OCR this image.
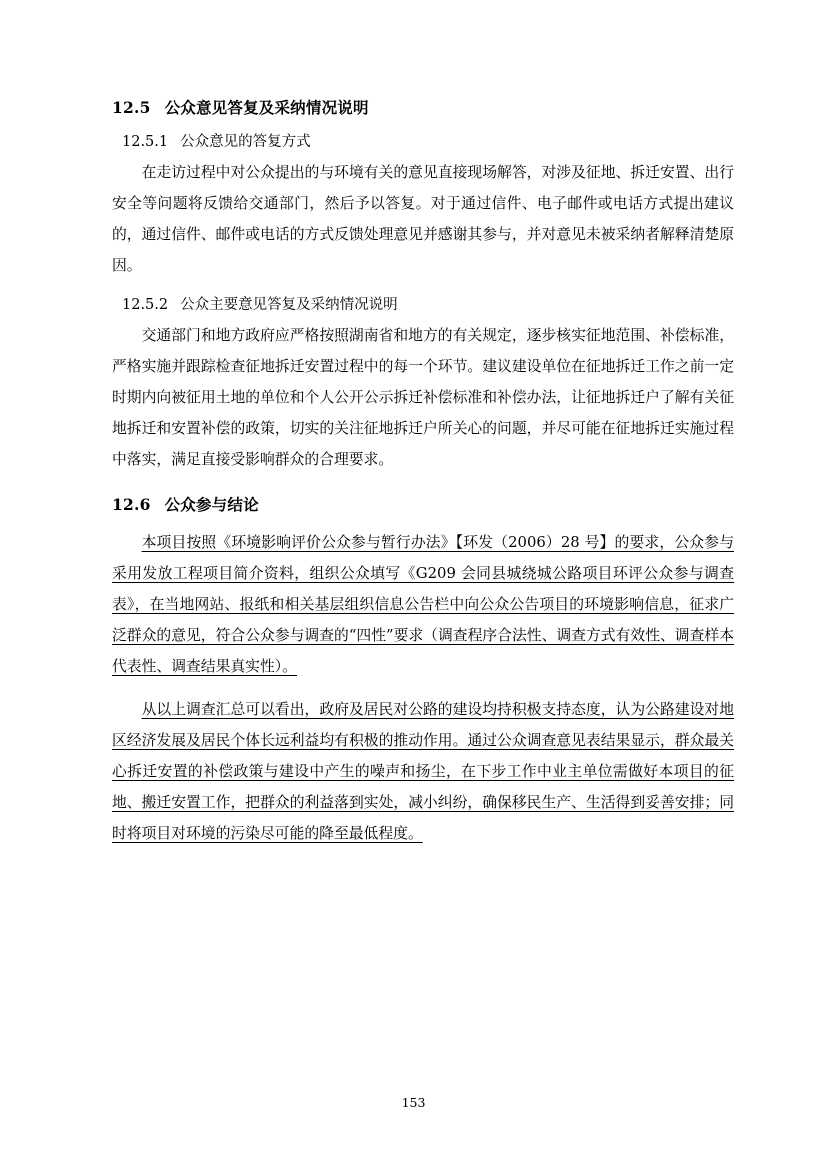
12.5 公众意见答复及采纳情况说明
12.5.1 公众意见的答复方式

在走访过程中对公众提出的与环境有关的意见直接现场解答，对涉及征地、拆迁安置、出行安全等问题将反馈给交通部门，然后予以答复。对于通过信件、电子邮件或电话方式提出建议的，通过信件、邮件或电话的方式反馈处理意见并感谢其参与，并对意见未被采纳者解释清楚原因。

12.5.2 公众主要意见答复及采纳情况说明

交通部门和地方政府应严格按照湖南省和地方的有关规定，逐步核实征地范围、补偿标准，严格实施并跟踪检查征地拆迁安置过程中的每一个环节。建议建设单位在征地拆迁工作之前一定时期内向被征用土地的单位和个人公开公示拆迁补偿标准和补偿办法，让征地拆迁户了解有关征地拆迁和安置补偿的政策，切实的关注征地拆迁户所关心的问题，并尽可能在征地拆迁实施过程中落实，满足直接受影响群众的合理要求。

12.6 公众参与结论

本项目按照《环境影响评价公众参与暂行办法》【环发（2006）28 号】的要求，公众参与采用发放工程项目简介资料，组织公众填写《G209 会同县城绕城公路项目环评公众参与调查表》，在当地网站、报纸和相关基层组织信息公告栏中向公众公告项目的环境影响信息，征求广泛群众的意见，符合公众参与调查的“四性”要求（调查程序合法性、调查方式有效性、调查样本代表性、调查结果真实性）。

从以上调查汇总可以看出，政府及居民对公路的建设均持积极支持态度，认为公路建设对地区经济发展及居民个体长远利益均有积极的推动作用。通过公众调查意见表结果显示，群众最关心拆迁安置的补偿政策与建设中产生的噪声和扬尘，在下步工作中业主单位需做好本项目的征地、搬迁安置工作，把群众的利益落到实处，减小纠纷，确保移民生产、生活得到妥善安排；同时将项目对环境的污染尽可能的降至最低程度。

153
